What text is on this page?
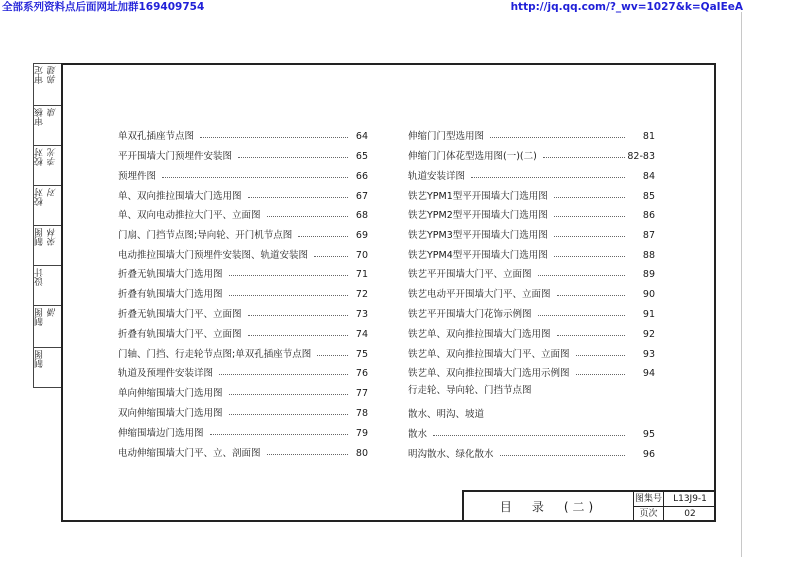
全部系列资料点后面网址加群169409754	http://jq.qq.com/?_wv=1027&k=QaIEeA
审定 郭建
审核 康
校对 李光
校对 对
制图 荣林
设计
制图 潘
制图
单双孔插座节点图	64
平开围墙大门预埋件安装图	65
预埋件图	66
单、双向推拉围墙大门选用图	67
单、双向电动推拉大门平、立面图	68
门扇、门挡节点图;导向轮、开门机节点图	69
电动推拉围墙大门预埋件安装图、轨道安装图	70
折叠无轨围墙大门选用图	71
折叠有轨围墙大门选用图	72
折叠无轨围墙大门平、立面图	73
折叠有轨围墙大门平、立面图	74
门轴、门挡、行走轮节点图;单双孔插座节点图	75
轨道及预埋件安装详图	76
单向伸缩围墙大门选用图	77
双向伸缩围墙大门选用图	78
伸缩围墙边门选用图	79
电动伸缩围墙大门平、立、剖面图	80
伸缩门门型选用图	81
伸缩门门体花型选用图(一)(二)	82-83
轨道安装详图	84
铁艺YPM1型平开围墙大门选用图	85
铁艺YPM2型平开围墙大门选用图	86
铁艺YPM3型平开围墙大门选用图	87
铁艺YPM4型平开围墙大门选用图	88
铁艺平开围墙大门平、立面图	89
铁艺电动平开围墙大门平、立面图	90
铁艺平开围墙大门花饰示例图	91
铁艺单、双向推拉围墙大门选用图	92
铁艺单、双向推拉围墙大门平、立面图	93
铁艺单、双向推拉围墙大门选用示例图	94
行走轮、导向轮、门挡节点图
散水、明沟、坡道
散水	95
明沟散水、绿化散水	96
目　录　(二)
图集号	L13J9-1
页次	02
